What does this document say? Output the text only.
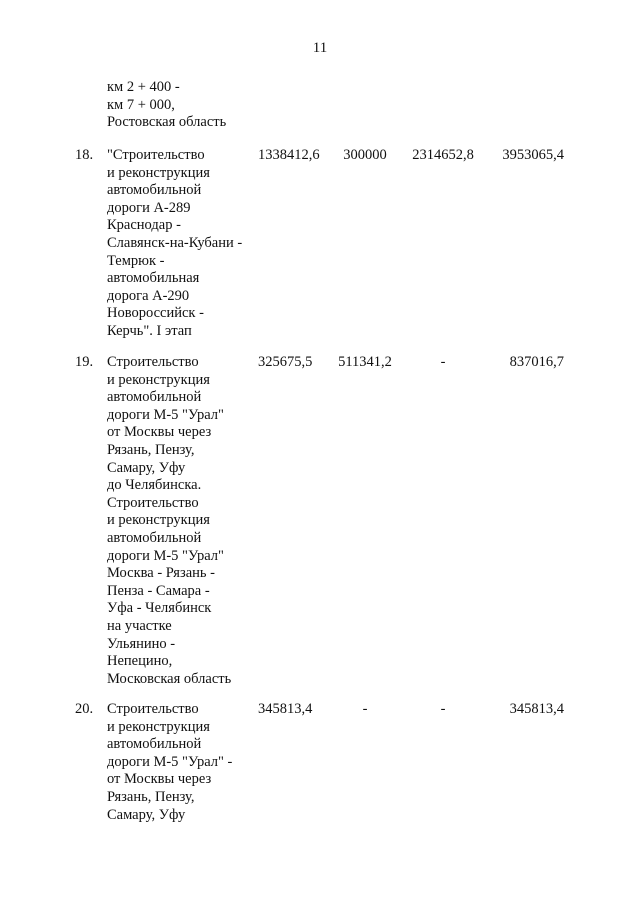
11
км 2 + 400 -
км 7 + 000,
Ростовская область
18. "Строительство
и реконструкция
автомобильной
дороги А-289
Краснодар -
Славянск-на-Кубани -
Темрюк -
автомобильная
дорога А-290
Новороссийск -
Керчь". I этап
1338412,6	300000	2314652,8	3953065,4
19. Строительство
и реконструкция
автомобильной
дороги М-5 "Урал"
от Москвы через
Рязань, Пензу,
Самару, Уфу
до Челябинска.
Строительство
и реконструкция
автомобильной
дороги М-5 "Урал"
Москва - Рязань -
Пенза - Самара -
Уфа - Челябинск
на участке
Ульянино -
Непецино,
Московская область
325675,5	511341,2	-	837016,7
20. Строительство
и реконструкция
автомобильной
дороги М-5 "Урал" -
от Москвы через
Рязань, Пензу,
Самару, Уфу
345813,4	-	-	345813,4
